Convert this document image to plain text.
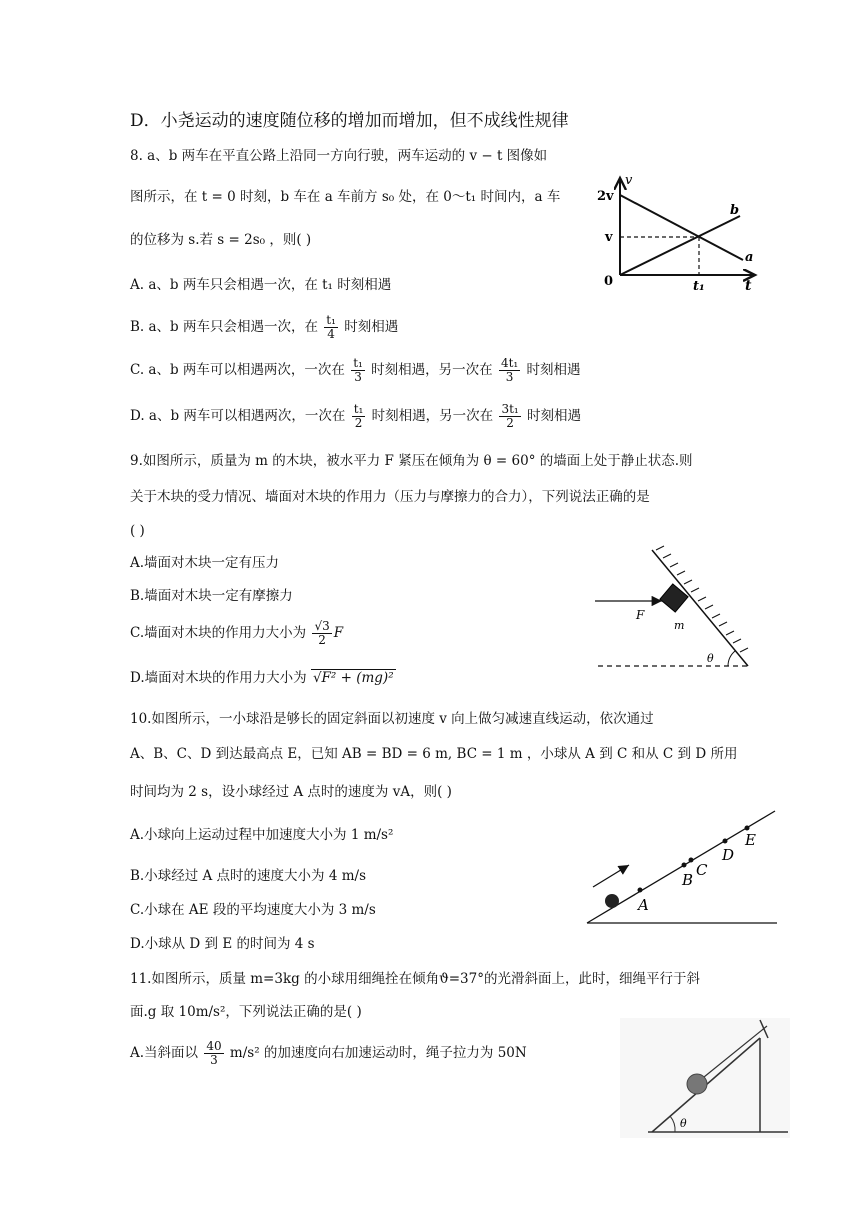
D．小尧运动的速度随位移的增加而增加，但不成线性规律
8. a、b 两车在平直公路上沿同一方向行驶，两车运动的 v − t 图像如
图所示，在 t = 0 时刻，b 车在 a 车前方 s₀ 处，在 0～t₁ 时间内，a 车
的位移为 s.若 s = 2s₀ ，则( )
A. a、b 两车只会相遇一次，在 t₁ 时刻相遇
B. a、b 两车只会相遇一次，在 $\frac{\text{t₁}}{4}$ 时刻相遇
C. a、b 两车可以相遇两次，一次在 $\frac{\text{t₁}}{3}$ 时刻相遇，另一次在 $\frac{\text{4t₁}}{3}$ 时刻相遇
D. a、b 两车可以相遇两次，一次在 $\frac{\text{t₁}}{2}$ 时刻相遇，另一次在 $\frac{\text{3t₁}}{2}$ 时刻相遇
9.如图所示，质量为 m 的木块，被水平力 F 紧压在倾角为 θ = 60° 的墙面上处于静止状态.则
关于木块的受力情况、墙面对木块的作用力（压力与摩擦力的合力），下列说法正确的是
( )
A.墙面对木块一定有压力
B.墙面对木块一定有摩擦力
C.墙面对木块的作用力大小为 $\frac{√3}{2}$ F
D.墙面对木块的作用力大小为 √F² + (mg)²
10.如图所示，一小球沿是够长的固定斜面以初速度 v 向上做匀减速直线运动，依次通过
A、B、C、D 到达最高点 E，已知 AB = BD = 6 m, BC = 1 m ，小球从 A 到 C 和从 C 到 D 所用
时间均为 2 s，设小球经过 A 点时的速度为 vA，则( )
A.小球向上运动过程中加速度大小为 1 m/s²
B.小球经过 A 点时的速度大小为 4 m/s
C.小球在 AE 段的平均速度大小为 3 m/s
D.小球从 D 到 E 的时间为 4 s
11.如图所示，质量 m=3kg 的小球用细绳拴在倾角ϑ=37°的光滑斜面上，此时，细绳平行于斜
面.g 取 10m/s²，下列说法正确的是( )
A.当斜面以 $\frac{40}{3} m/s^2$ 的加速度向右加速运动时，绳子拉力为 50N
v
t
2v
v
0	t₁
a
b
F
m
θ
A
B
C
D
E
θ
